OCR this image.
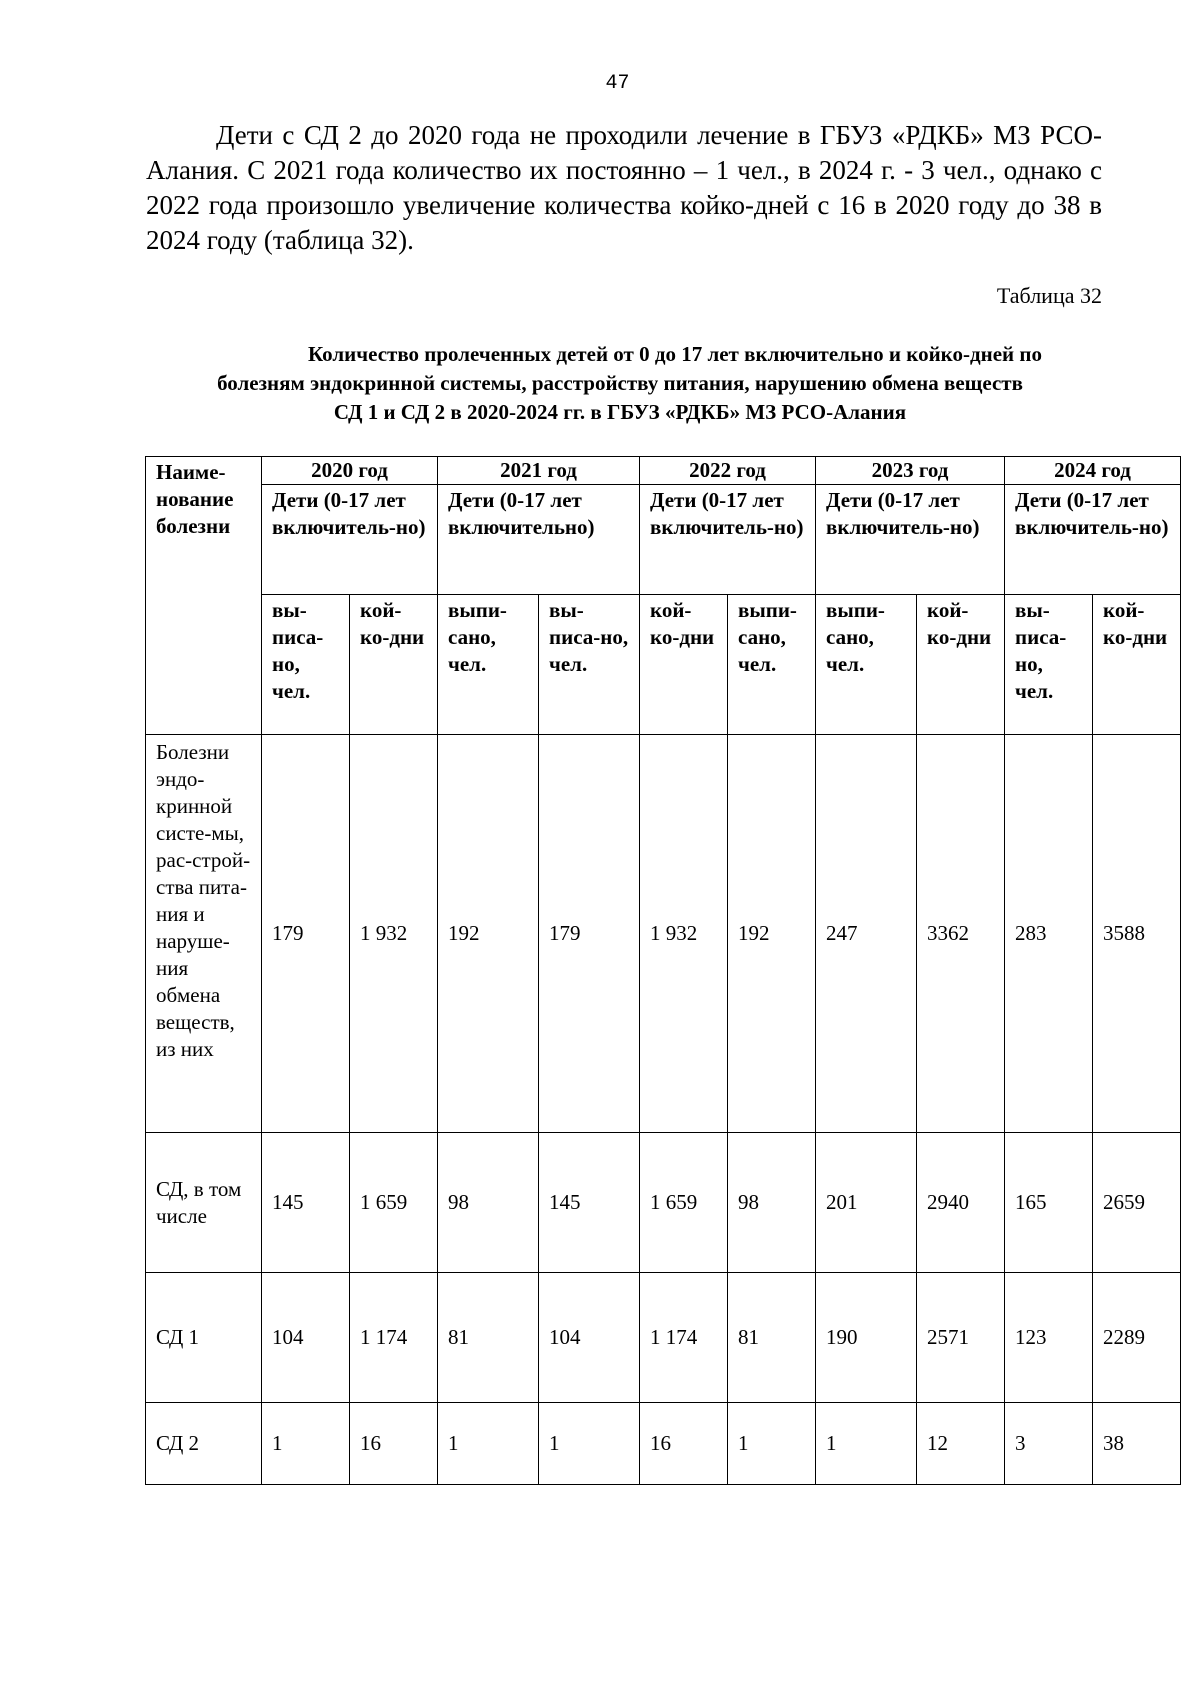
47

Дети с СД 2 до 2020 года не проходили лечение в ГБУЗ «РДКБ» МЗ РСО-Алания. С 2021 года количество их постоянно – 1 чел., в 2024 г. - 3 чел., однако с 2022 года произошло увеличение количества койко-дней с 16 в 2020 году до 38 в 2024 году (таблица 32).

Таблица 32

Количество пролеченных детей от 0 до 17 лет включительно и койко-дней по
болезням эндокринной системы, расстройству питания, нарушению обмена веществ
СД 1 и СД 2 в 2020-2024 гг. в ГБУЗ «РДКБ» МЗ РСО-Алания

Наиме-нование болезни	2020 год		2021 год		2022 год		2023 год		2024 год	
	Дети (0-17 лет включитель-но)		Дети (0-17 лет включительно)		Дети (0-17 лет включитель-но)		Дети (0-17 лет включитель-но)		Дети (0-17 лет включитель-но)	
	вы-писа-но, чел.	кой-ко-дни	выпи-сано, чел.	вы-писа-но, чел.	кой-ко-дни	выпи-сано, чел.	выпи-сано, чел.	кой-ко-дни	вы-писа-но, чел.	кой-ко-дни
Болезни эндо-кринной систе-мы, рас-строй-ства пита-ния и наруше-ния обмена веществ, из них	179	1 932	192	179	1 932	192	247	3362	283	3588
СД, в том числе	145	1 659	98	145	1 659	98	201	2940	165	2659
СД 1	104	1 174	81	104	1 174	81	190	2571	123	2289
СД 2	1	16	1	1	16	1	1	12	3	38
